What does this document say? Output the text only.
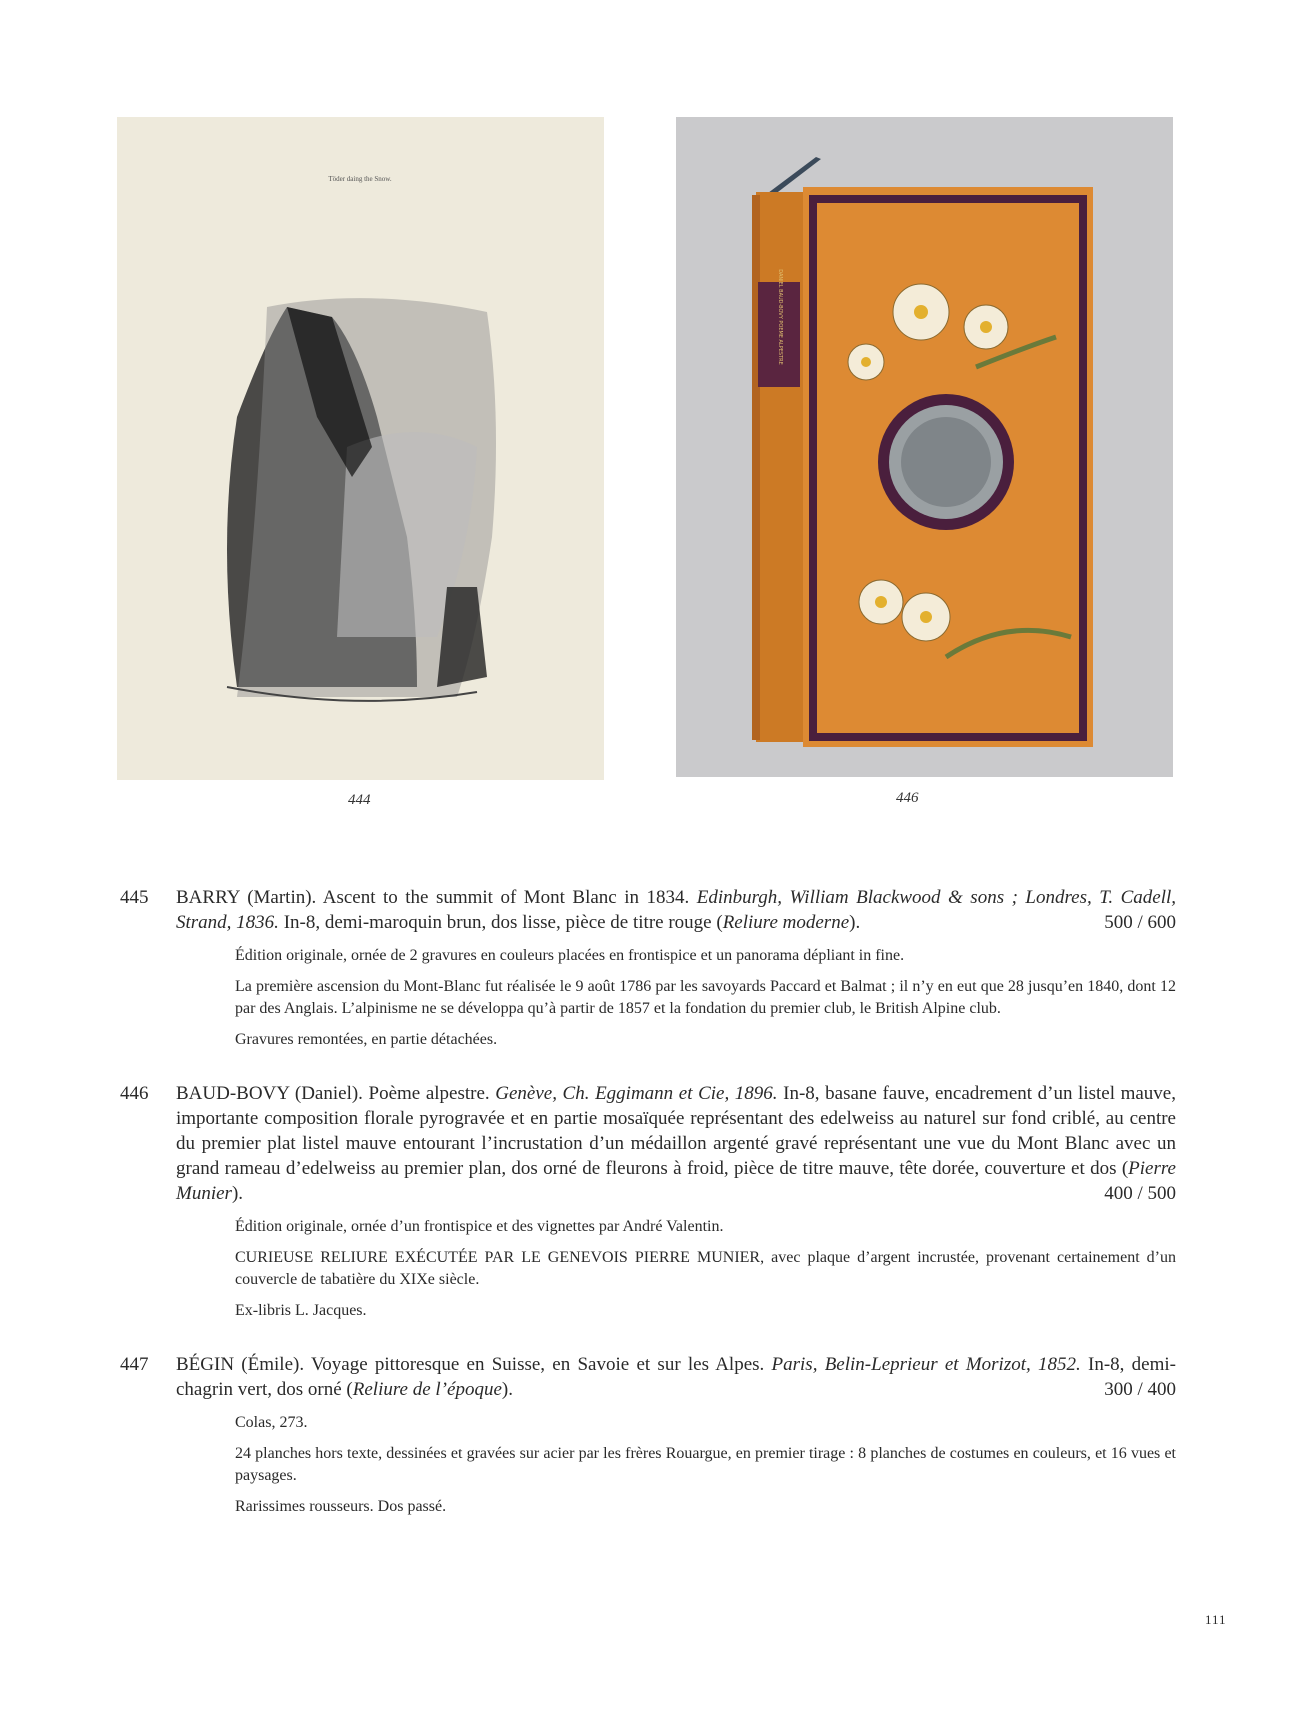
Töder daing the Snow.
444
DANIEL BAUD-BOVY POEME ALPESTRE
446
445	BARRY (Martin). Ascent to the summit of Mont Blanc in 1834. Edinburgh, William Blackwood & sons ; Londres, T. Cadell, Strand, 1836. In-8, demi-maroquin brun, dos lisse, pièce de titre rouge (Reliure moderne).	500 / 600

Édition originale, ornée de 2 gravures en couleurs placées en frontispice et un panorama dépliant in fine.

La première ascension du Mont-Blanc fut réalisée le 9 août 1786 par les savoyards Paccard et Balmat ; il n’y en eut que 28 jusqu’en 1840, dont 12 par des Anglais. L’alpinisme ne se développa qu’à partir de 1857 et la fondation du premier club, le British Alpine club.

Gravures remontées, en partie détachées.

446	BAUD-BOVY (Daniel). Poème alpestre. Genève, Ch. Eggimann et Cie, 1896. In-8, basane fauve, encadrement d’un listel mauve, importante composition florale pyrogravée et en partie mosaïquée représentant des edelweiss au naturel sur fond criblé, au centre du premier plat listel mauve entourant l’incrustation d’un médaillon argenté gravé représentant une vue du Mont Blanc avec un grand rameau d’edelweiss au premier plan, dos orné de fleurons à froid, pièce de titre mauve, tête dorée, couverture et dos (Pierre Munier).	400 / 500

Édition originale, ornée d’un frontispice et des vignettes par André Valentin.

CURIEUSE RELIURE EXÉCUTÉE PAR LE GENEVOIS PIERRE MUNIER, avec plaque d’argent incrustée, provenant certainement d’un couvercle de tabatière du XIXe siècle.

Ex-libris L. Jacques.

447	BÉGIN (Émile). Voyage pittoresque en Suisse, en Savoie et sur les Alpes. Paris, Belin-Leprieur et Morizot, 1852. In-8, demi-chagrin vert, dos orné (Reliure de l’époque).	300 / 400

Colas, 273.

24 planches hors texte, dessinées et gravées sur acier par les frères Rouargue, en premier tirage : 8 planches de costumes en couleurs, et 16 vues et paysages.

Rarissimes rousseurs. Dos passé.

111
